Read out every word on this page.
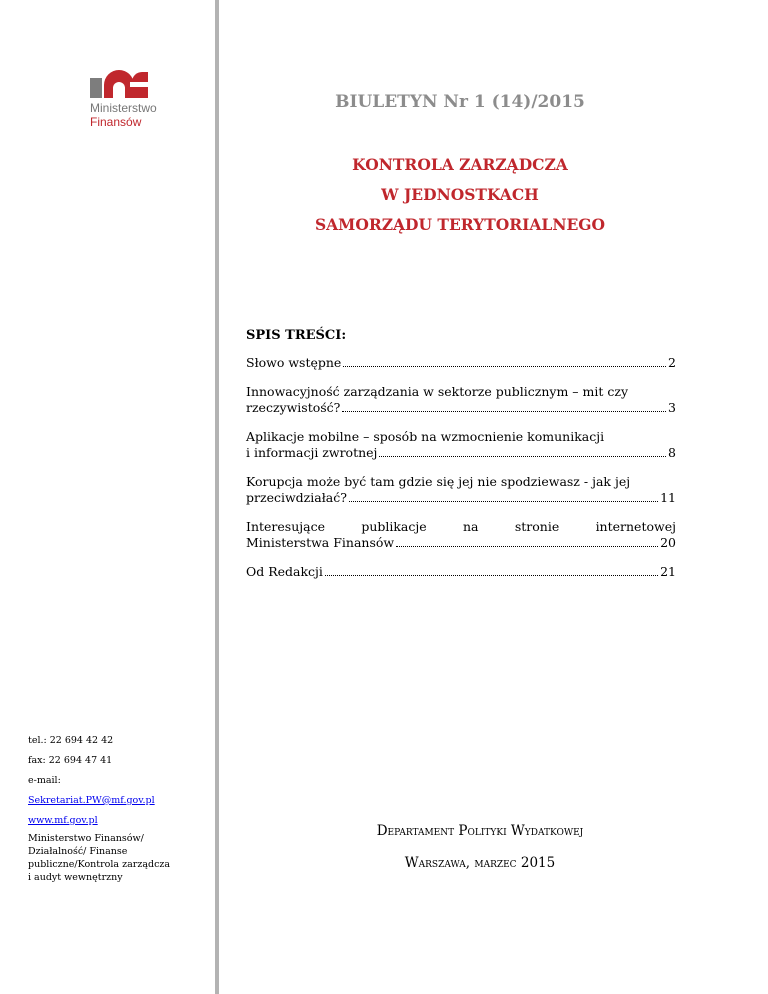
Ministerstwo
Finansów
BIULETYN Nr 1 (14)/2015
KONTROLA ZARZĄDCZA
W JEDNOSTKACH
SAMORZĄDU TERYTORIALNEGO
SPIS TREŚCI:
Słowo wstępne	2
Innowacyjność zarządzania w sektorze publicznym – mit czy
rzeczywistość?	3
Aplikacje mobilne – sposób na wzmocnienie komunikacji
i informacji zwrotnej	8
Korupcja może być tam gdzie się jej nie spodziewasz - jak jej
przeciwdziałać?	11
Interesujące	publikacje	na	stronie	internetowej
Ministerstwa Finansów	20
Od Redakcji	21
tel.: 22 694 42 42
fax: 22 694 47 41
e-mail:
Sekretariat.PW@mf.gov.pl
www.mf.gov.pl
Ministerstwo Finansów/
Działalność/ Finanse
publiczne/Kontrola zarządcza
i audyt wewnętrzny
Departament Polityki Wydatkowej
Warszawa, marzec 2015
